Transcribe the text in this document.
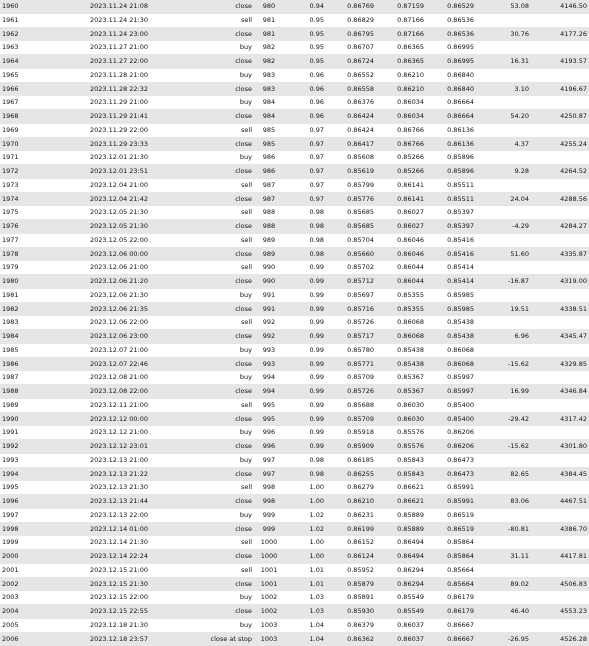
1960	2023.11.24 21:08	close	980	0.94	0.86769	0.87159	0.86529	53.08	4146.50
1961	2023.11.24 21:30	sell	981	0.95	0.86829	0.87166	0.86536		
1962	2023.11.24 23:00	close	981	0.95	0.86795	0.87166	0.86536	30.76	4177.26
1963	2023.11.27 21:00	buy	982	0.95	0.86707	0.86365	0.86995		
1964	2023.11.27 22:00	close	982	0.95	0.86724	0.86365	0.86995	16.31	4193.57
1965	2023.11.28 21:00	buy	983	0.96	0.86552	0.86210	0.86840		
1966	2023.11.28 22:32	close	983	0.96	0.86558	0.86210	0.86840	3.10	4196.67
1967	2023.11.29 21:00	buy	984	0.96	0.86376	0.86034	0.86664		
1968	2023.11.29 21:41	close	984	0.96	0.86424	0.86034	0.86664	54.20	4250.87
1969	2023.11.29 22:00	sell	985	0.97	0.86424	0.86766	0.86136		
1970	2023.11.29 23:33	close	985	0.97	0.86417	0.86766	0.86136	4.37	4255.24
1971	2023.12.01 21:30	buy	986	0.97	0.85608	0.85266	0.85896		
1972	2023.12.01 23:51	close	986	0.97	0.85619	0.85266	0.85896	9.28	4264.52
1973	2023.12.04 21:00	sell	987	0.97	0.85799	0.86141	0.85511		
1974	2023.12.04 21:42	close	987	0.97	0.85776	0.86141	0.85511	24.04	4288.56
1975	2023.12.05 21:30	sell	988	0.98	0.85685	0.86027	0.85397		
1976	2023.12.05 21:30	close	988	0.98	0.85685	0.86027	0.85397	-4.29	4284.27
1977	2023.12.05 22:00	sell	989	0.98	0.85704	0.86046	0.85416		
1978	2023.12.06 00:00	close	989	0.98	0.85660	0.86046	0.85416	51.60	4335.87
1979	2023.12.06 21:00	sell	990	0.99	0.85702	0.86044	0.85414		
1980	2023.12.06 21:20	close	990	0.99	0.85712	0.86044	0.85414	-16.87	4319.00
1981	2023.12.06 21:30	buy	991	0.99	0.85697	0.85355	0.85985		
1982	2023.12.06 21:35	close	991	0.99	0.85716	0.85355	0.85985	19.51	4338.51
1983	2023.12.06 22:00	sell	992	0.99	0.85726	0.86068	0.85438		
1984	2023.12.06 23:00	close	992	0.99	0.85717	0.86068	0.85438	6.96	4345.47
1985	2023.12.07 21:00	buy	993	0.99	0.85780	0.85438	0.86068		
1986	2023.12.07 22:46	close	993	0.99	0.85771	0.85438	0.86068	-15.62	4329.85
1987	2023.12.08 21:00	buy	994	0.99	0.85709	0.85367	0.85997		
1988	2023.12.08 22:00	close	994	0.99	0.85726	0.85367	0.85997	16.99	4346.84
1989	2023.12.11 21:00	sell	995	0.99	0.85688	0.86030	0.85400		
1990	2023.12.12 00:00	close	995	0.99	0.85709	0.86030	0.85400	-29.42	4317.42
1991	2023.12.12 21:00	buy	996	0.99	0.85918	0.85576	0.86206		
1992	2023.12.12 23:01	close	996	0.99	0.85909	0.85576	0.86206	-15.62	4301.80
1993	2023.12.13 21:00	buy	997	0.98	0.86185	0.85843	0.86473		
1994	2023.12.13 21:22	close	997	0.98	0.86255	0.85843	0.86473	82.65	4384.45
1995	2023.12.13 21:30	sell	998	1.00	0.86279	0.86621	0.85991		
1996	2023.12.13 21:44	close	998	1.00	0.86210	0.86621	0.85991	83.06	4467.51
1997	2023.12.13 22:00	buy	999	1.02	0.86231	0.85889	0.86519		
1998	2023.12.14 01:00	close	999	1.02	0.86199	0.85889	0.86519	-80.81	4386.70
1999	2023.12.14 21:30	sell	1000	1.00	0.86152	0.86494	0.85864		
2000	2023.12.14 22:24	close	1000	1.00	0.86124	0.86494	0.85864	31.11	4417.81
2001	2023.12.15 21:00	sell	1001	1.01	0.85952	0.86294	0.85664		
2002	2023.12.15 21:30	close	1001	1.01	0.85879	0.86294	0.85664	89.02	4506.83
2003	2023.12.15 22:00	buy	1002	1.03	0.85891	0.85549	0.86179		
2004	2023.12.15 22:55	close	1002	1.03	0.85930	0.85549	0.86179	46.40	4553.23
2005	2023.12.18 21:30	buy	1003	1.04	0.86379	0.86037	0.86667		
2006	2023.12.18 23:57	close at stop	1003	1.04	0.86362	0.86037	0.86667	-26.95	4526.28
